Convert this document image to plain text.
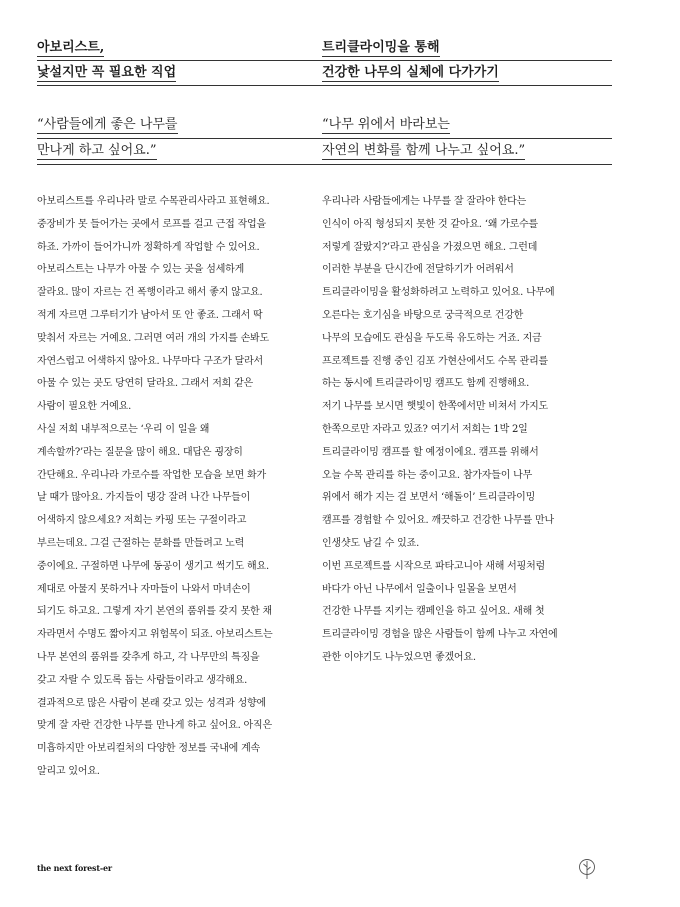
아보리스트,
낯설지만 꼭 필요한 직업

“사람들에게 좋은 나무를
만나게 하고 싶어요.”

아보리스트를 우리나라 말로 수목관리사라고 표현해요.
중장비가 못 들어가는 곳에서 로프를 걸고 근접 작업을
하죠. 가까이 들어가니까 정확하게 작업할 수 있어요.
아보리스트는 나무가 아물 수 있는 곳을 섬세하게
잘라요. 많이 자르는 건 폭행이라고 해서 좋지 않고요.
적게 자르면 그루터기가 남아서 또 안 좋죠. 그래서 딱
맞춰서 자르는 거예요. 그러면 여러 개의 가지를 손봐도
자연스럽고 어색하지 않아요. 나무마다 구조가 달라서
아물 수 있는 곳도 당연히 달라요. 그래서 저희 같은
사람이 필요한 거예요.
사실 저희 내부적으로는 ‘우리 이 일을 왜
계속할까?’라는 질문을 많이 해요. 대답은 굉장히
간단해요. 우리나라 가로수를 작업한 모습을 보면 화가
날 때가 많아요. 가지들이 댕강 잘려 나간 나무들이
어색하지 않으세요? 저희는 카핑 또는 구절이라고
부르는데요. 그걸 근절하는 문화를 만들려고 노력
중이에요. 구절하면 나무에 동공이 생기고 썩기도 해요.
제대로 아물지 못하거나 자마들이 나와서 마녀손이
되기도 하고요. 그렇게 자기 본연의 품위를 갖지 못한 채
자라면서 수명도 짧아지고 위험목이 되죠. 아보리스트는
나무 본연의 품위를 갖추게 하고, 각 나무만의 특징을
갖고 자랄 수 있도록 돕는 사람들이라고 생각해요.
결과적으로 많은 사람이 본래 갖고 있는 성격과 성향에
맞게 잘 자란 건강한 나무를 만나게 하고 싶어요. 아직은
미흡하지만 아보리컬처의 다양한 정보를 국내에 계속
알리고 있어요.
트리클라이밍을 통해
건강한 나무의 실체에 다가가기

“나무 위에서 바라보는
자연의 변화를 함께 나누고 싶어요.”

우리나라 사람들에게는 나무를 잘 잘라야 한다는
인식이 아직 형성되지 못한 것 같아요. ‘왜 가로수를
저렇게 잘랐지?’라고 관심을 가졌으면 해요. 그런데
이러한 부분을 단시간에 전달하기가 어려워서
트리클라이밍을 활성화하려고 노력하고 있어요. 나무에
오른다는 호기심을 바탕으로 궁극적으로 건강한
나무의 모습에도 관심을 두도록 유도하는 거죠. 지금
프로젝트를 진행 중인 김포 가현산에서도 수목 관리를
하는 동시에 트리클라이밍 캠프도 함께 진행해요.
저기 나무를 보시면 햇빛이 한쪽에서만 비쳐서 가지도
한쪽으로만 자라고 있죠? 여기서 저희는 1박 2일
트리클라이밍 캠프를 할 예정이에요. 캠프를 위해서
오늘 수목 관리를 하는 중이고요. 참가자들이 나무
위에서 해가 지는 걸 보면서 ‘해돌이’ 트리클라이밍
캠프를 경험할 수 있어요. 깨끗하고 건강한 나무를 만나
인생샷도 남길 수 있죠.
이번 프로젝트를 시작으로 파타고니아 새해 서핑처럼
바다가 아닌 나무에서 일출이나 일몰을 보면서
건강한 나무를 지키는 캠페인을 하고 싶어요. 새해 첫
트리클라이밍 경험을 많은 사람들이 함께 나누고 자연에
관한 이야기도 나누었으면 좋겠어요.
the next forest-er
